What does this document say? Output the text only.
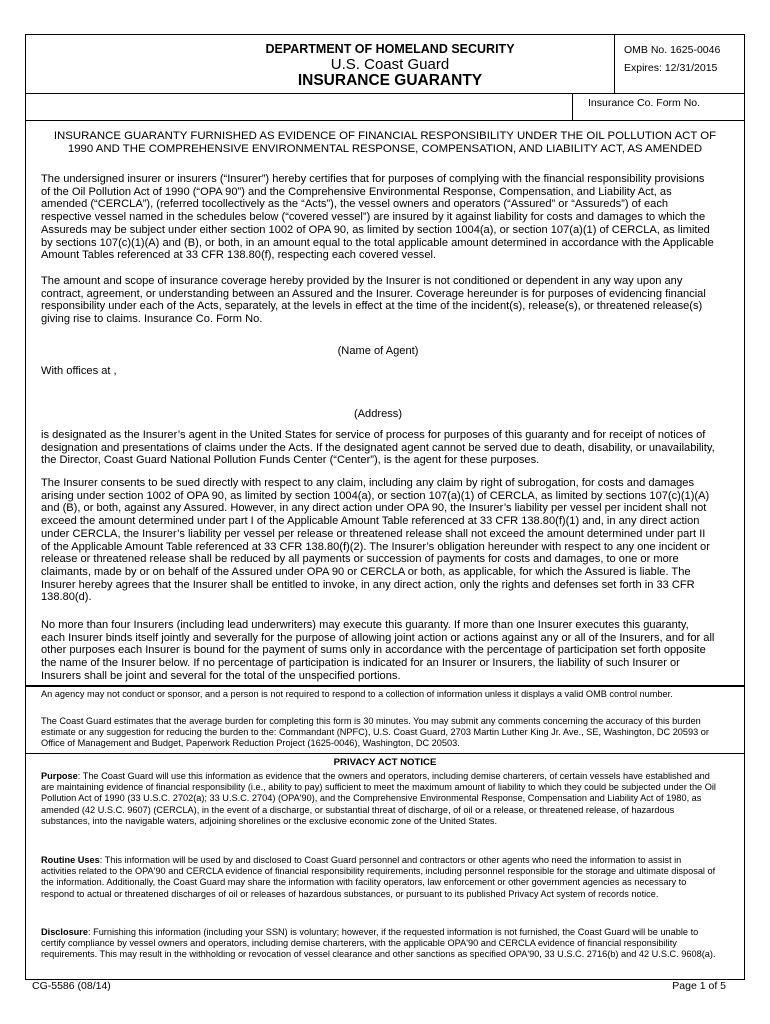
DEPARTMENT OF HOMELAND SECURITY
U.S. Coast Guard
INSURANCE GUARANTY
OMB No. 1625-0046
Expires: 12/31/2015
Insurance Co. Form No.
INSURANCE GUARANTY FURNISHED AS EVIDENCE OF FINANCIAL RESPONSIBILITY UNDER THE OIL POLLUTION ACT OF
1990 AND THE COMPREHENSIVE ENVIRONMENTAL RESPONSE, COMPENSATION, AND LIABILITY ACT, AS AMENDED
The undersigned insurer or insurers (“Insurer”) hereby certifies that for purposes of complying with the financial responsibility provisions of the Oil Pollution Act of 1990 (“OPA 90”) and the Comprehensive Environmental Response, Compensation, and Liability Act, as amended (“CERCLA”), (referred tocollectively as the “Acts”), the vessel owners and operators (“Assured” or “Assureds”) of each respective vessel named in the schedules below (“covered vessel”) are insured by it against liability for costs and damages to which the Assureds may be subject under either section 1002 of OPA 90, as limited by section 1004(a), or section 107(a)(1) of CERCLA, as limited by sections 107(c)(1)(A) and (B), or both, in an amount equal to the total applicable amount determined in accordance with the Applicable Amount Tables referenced at 33 CFR 138.80(f), respecting each covered vessel.
The amount and scope of insurance coverage hereby provided by the Insurer is not conditioned or dependent in any way upon any contract, agreement, or understanding between an Assured and the Insurer. Coverage hereunder is for purposes of evidencing financial responsibility under each of the Acts, separately, at the levels in effect at the time of the incident(s), release(s), or threatened release(s) giving rise to claims. Insurance Co. Form No.
(Name of Agent)
With offices at ,
(Address)
is designated as the Insurer’s agent in the United States for service of process for purposes of this guaranty and for receipt of notices of designation and presentations of claims under the Acts. If the designated agent cannot be served due to death, disability, or unavailability, the Director, Coast Guard National Pollution Funds Center (“Center”), is the agent for these purposes.
The Insurer consents to be sued directly with respect to any claim, including any claim by right of subrogation, for costs and damages arising under section 1002 of OPA 90, as limited by section 1004(a), or section 107(a)(1) of CERCLA, as limited by sections 107(c)(1)(A) and (B), or both, against any Assured. However, in any direct action under OPA 90, the Insurer’s liability per vessel per incident shall not exceed the amount determined under part I of the Applicable Amount Table referenced at 33 CFR 138.80(f)(1) and, in any direct action under CERCLA, the Insurer’s liability per vessel per release or threatened release shall not exceed the amount determined under part II of the Applicable Amount Table referenced at 33 CFR 138.80(f)(2). The Insurer’s obligation hereunder with respect to any one incident or release or threatened release shall be reduced by all payments or succession of payments for costs and damages, to one or more claimants, made by or on behalf of the Assured under OPA 90 or CERCLA or both, as applicable, for which the Assured is liable. The Insurer hereby agrees that the Insurer shall be entitled to invoke, in any direct action, only the rights and defenses set forth in 33 CFR 138.80(d).
No more than four Insurers (including lead underwriters) may execute this guaranty. If more than one Insurer executes this guaranty, each Insurer binds itself jointly and severally for the purpose of allowing joint action or actions against any or all of the Insurers, and for all other purposes each Insurer is bound for the payment of sums only in accordance with the percentage of participation set forth opposite the name of the Insurer below. If no percentage of participation is indicated for an Insurer or Insurers, the liability of such Insurer or Insurers shall be joint and several for the total of the unspecified portions.
An agency may not conduct or sponsor, and a person is not required to respond to a collection of information unless it displays a valid OMB control number.
The Coast Guard estimates that the average burden for completing this form is 30 minutes. You may submit any comments concerning the accuracy of this burden estimate or any suggestion for reducing the burden to the: Commandant (NPFC), U.S. Coast Guard, 2703 Martin Luther King Jr. Ave., SE, Washington, DC 20593 or Office of Management and Budget, Paperwork Reduction Project (1625-0046), Washington, DC 20503.
PRIVACY ACT NOTICE
Purpose: The Coast Guard will use this information as evidence that the owners and operators, including demise charterers, of certain vessels have established and are maintaining evidence of financial responsibility (i.e., ability to pay) sufficient to meet the maximum amount of liability to which they could be subjected under the Oil Pollution Act of 1990 (33 U.S.C. 2702(a); 33 U.S.C. 2704) (OPA'90), and the Comprehensive Environmental Response, Compensation and Liability Act of 1980, as amended (42 U.S.C. 9607) (CERCLA), in the event of a discharge, or substantial threat of discharge, of oil or a release, or threatened release, of hazardous substances, into the navigable waters, adjoining shorelines or the exclusive economic zone of the United States.
Routine Uses: This information will be used by and disclosed to Coast Guard personnel and contractors or other agents who need the information to assist in activities related to the OPA'90 and CERCLA evidence of financial responsibility requirements, including personnel responsible for the storage and ultimate disposal of the information. Additionally, the Coast Guard may share the information with facility operators, law enforcement or other government agencies as necessary to respond to actual or threatened discharges of oil or releases of hazardous substances, or pursuant to its published Privacy Act system of records notice.
Disclosure: Furnishing this information (including your SSN) is voluntary; however, if the requested information is not furnished, the Coast Guard will be unable to certify compliance by vessel owners and operators, including demise charterers, with the applicable OPA'90 and CERCLA evidence of financial responsibility requirements. This may result in the withholding or revocation of vessel clearance and other sanctions as specified OPA'90, 33 U.S.C. 2716(b) and 42 U.S.C. 9608(a).
CG-5586 (08/14)	Page 1 of 5
